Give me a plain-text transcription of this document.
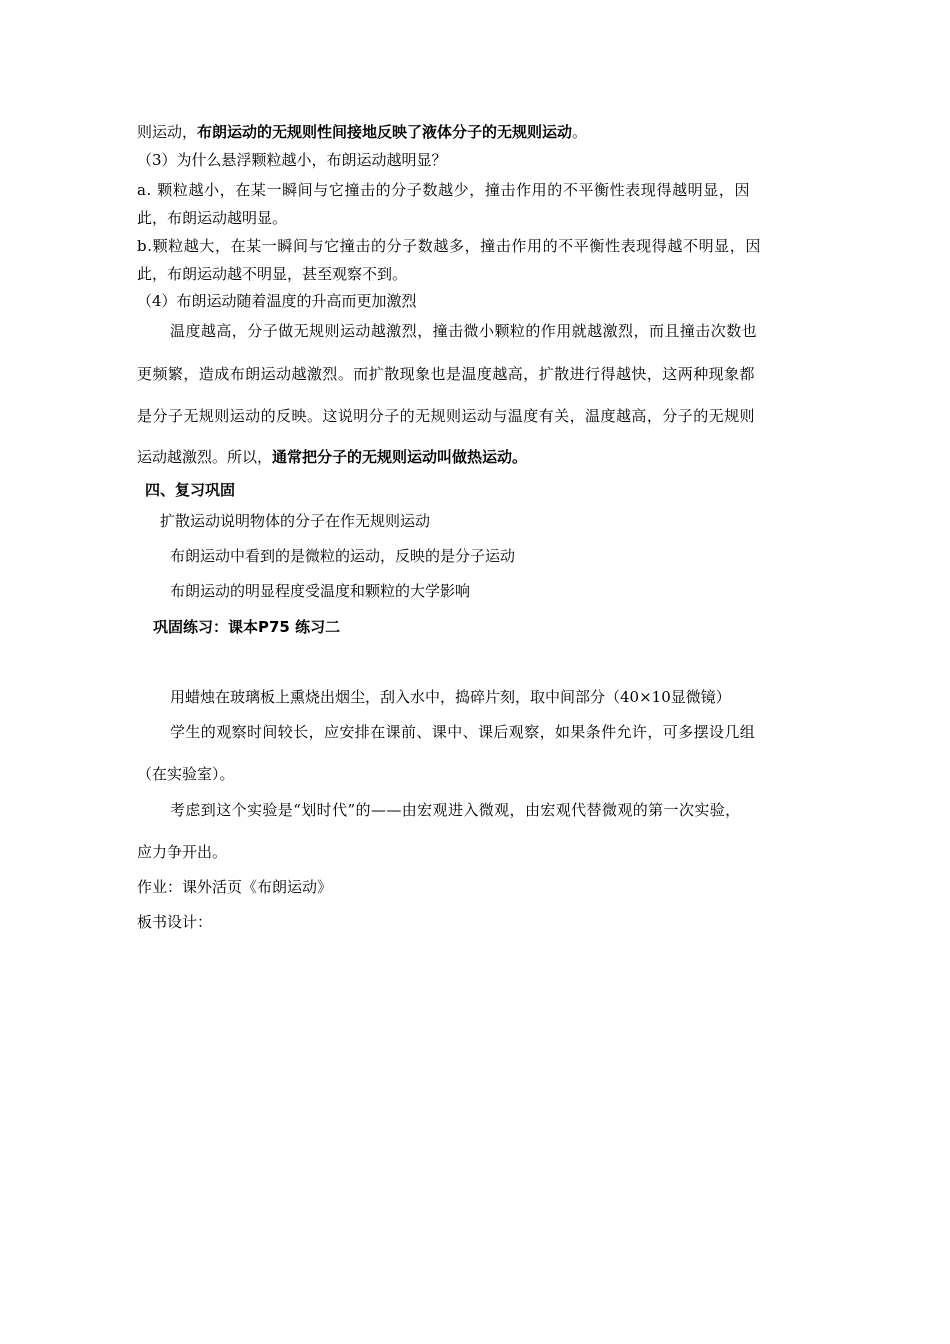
则运动，布朗运动的无规则性间接地反映了液体分子的无规则运动。
（3）为什么悬浮颗粒越小，布朗运动越明显？
a. 颗粒越小，在某一瞬间与它撞击的分子数越少，撞击作用的不平衡性表现得越明显，因
此，布朗运动越明显。
b.颗粒越大，在某一瞬间与它撞击的分子数越多，撞击作用的不平衡性表现得越不明显，因
此，布朗运动越不明显，甚至观察不到。
（4）布朗运动随着温度的升高而更加激烈
温度越高，分子做无规则运动越激烈，撞击微小颗粒的作用就越激烈，而且撞击次数也
更频繁，造成布朗运动越激烈。而扩散现象也是温度越高，扩散进行得越快，这两种现象都
是分子无规则运动的反映。这说明分子的无规则运动与温度有关，温度越高，分子的无规则
运动越激烈。所以，通常把分子的无规则运动叫做热运动。
四、复习巩固
扩散运动说明物体的分子在作无规则运动
布朗运动中看到的是微粒的运动，反映的是分子运动
布朗运动的明显程度受温度和颗粒的大学影响
巩固练习：课本P75 练习二
用蜡烛在玻璃板上熏烧出烟尘，刮入水中，捣碎片刻，取中间部分（40×10显微镜）
学生的观察时间较长，应安排在课前、课中、课后观察，如果条件允许，可多摆设几组
（在实验室）。
考虑到这个实验是“划时代”的——由宏观进入微观，由宏观代替微观的第一次实验，
应力争开出。
作业：课外活页《布朗运动》
板书设计：
